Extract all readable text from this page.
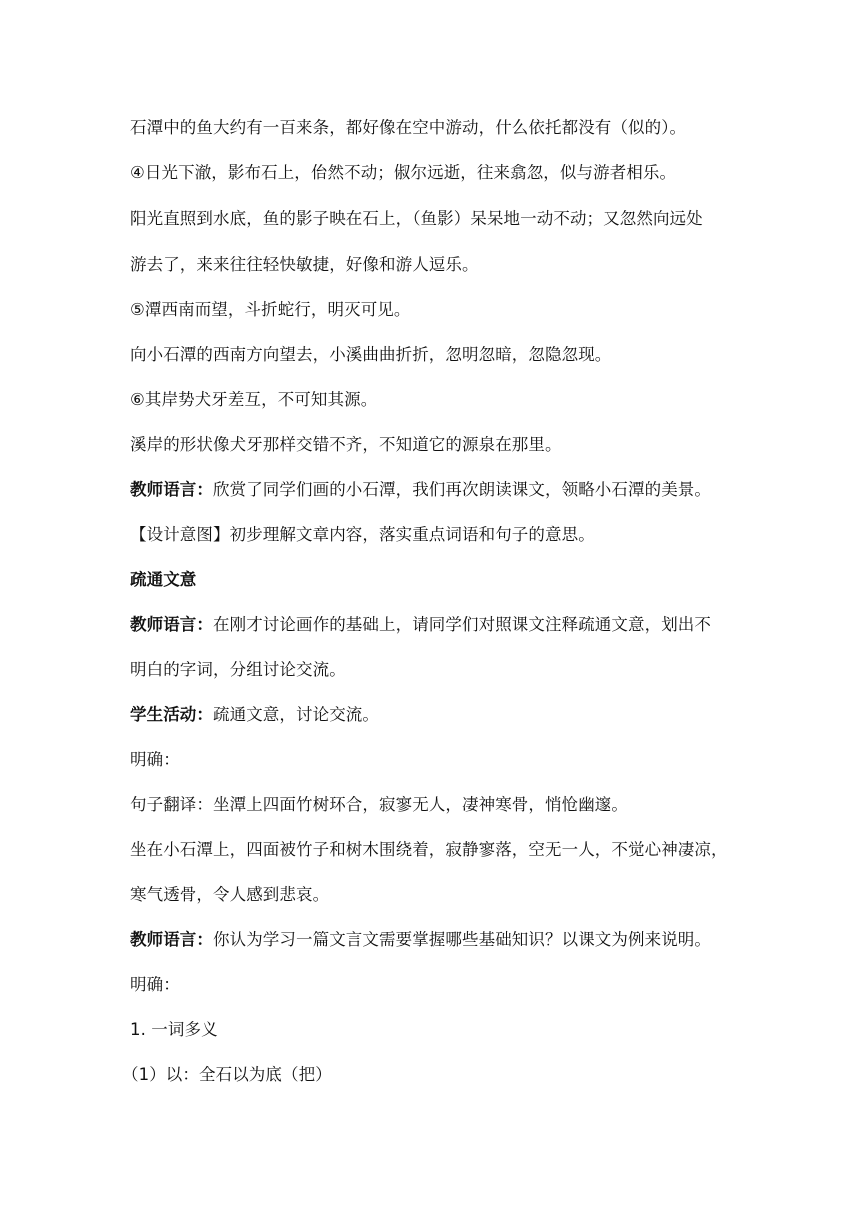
石潭中的鱼大约有一百来条，都好像在空中游动，什么依托都没有（似的）。
④日光下澈，影布石上，佁然不动；俶尔远逝，往来翕忽，似与游者相乐。
阳光直照到水底，鱼的影子映在石上，（鱼影）呆呆地一动不动；又忽然向远处
游去了，来来往往轻快敏捷，好像和游人逗乐。
⑤潭西南而望，斗折蛇行，明灭可见。
向小石潭的西南方向望去，小溪曲曲折折，忽明忽暗，忽隐忽现。
⑥其岸势犬牙差互，不可知其源。
溪岸的形状像犬牙那样交错不齐，不知道它的源泉在那里。
教师语言：欣赏了同学们画的小石潭，我们再次朗读课文，领略小石潭的美景。
【设计意图】初步理解文章内容，落实重点词语和句子的意思。
疏通文意
教师语言：在刚才讨论画作的基础上，请同学们对照课文注释疏通文意，划出不
明白的字词，分组讨论交流。
学生活动：疏通文意，讨论交流。
明确：
句子翻译：坐潭上四面竹树环合，寂寥无人，凄神寒骨，悄怆幽邃。
坐在小石潭上，四面被竹子和树木围绕着，寂静寥落，空无一人，不觉心神凄凉，
寒气透骨，令人感到悲哀。
教师语言：你认为学习一篇文言文需要掌握哪些基础知识？以课文为例来说明。
明确：
1. 一词多义
（1）以：全石以为底（把）
